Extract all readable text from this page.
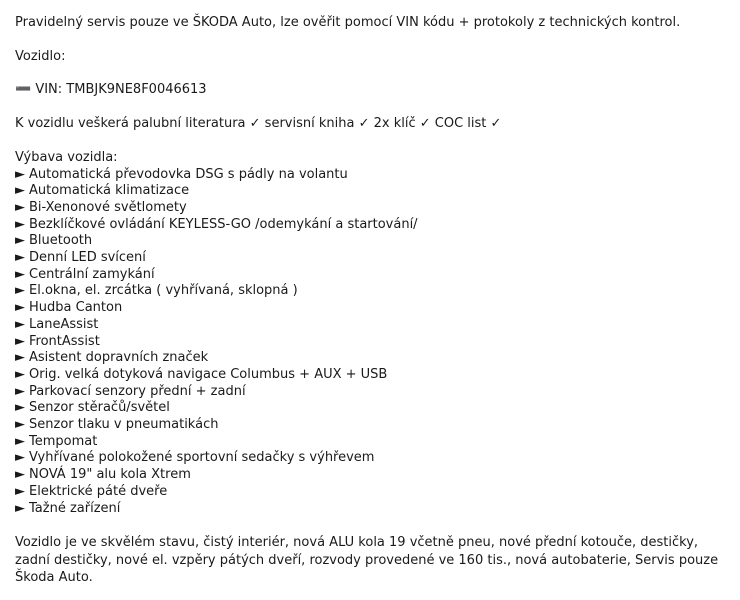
Pravidelný servis pouze ve ŠKODA Auto, lze ověřit pomocí VIN kódu + protokoly z technických kontrol.

Vozidlo:

➖ VIN: TMBJK9NE8F0046613

K vozidlu veškerá palubní literatura ✓ servisní kniha ✓ 2x klíč ✓ COC list ✓

Výbava vozidla:

► Automatická převodovka DSG s pádly na volantu
► Automatická klimatizace
► Bi-Xenonové světlomety
► Bezklíčkové ovládání KEYLESS-GO /odemykání a startování/
► Bluetooth
► Denní LED svícení
► Centrální zamykání
► El.okna, el. zrcátka ( vyhřívaná, sklopná )
► Hudba Canton
► LaneAssist
► FrontAssist
► Asistent dopravních značek
► Orig. velká dotyková navigace Columbus + AUX + USB
► Parkovací senzory přední + zadní
► Senzor stěračů/světel
► Senzor tlaku v pneumatikách
► Tempomat
► Vyhřívané polokožené sportovní sedačky s výhřevem
► NOVÁ 19" alu kola Xtrem
► Elektrické páté dveře
► Tažné zařízení

Vozidlo je ve skvělém stavu, čistý interiér, nová ALU kola 19 včetně pneu, nové přední kotouče, destičky, zadní destičky, nové el. vzpěry pátých dveří, rozvody provedené ve 160 tis., nová autobaterie, Servis pouze Škoda Auto.
